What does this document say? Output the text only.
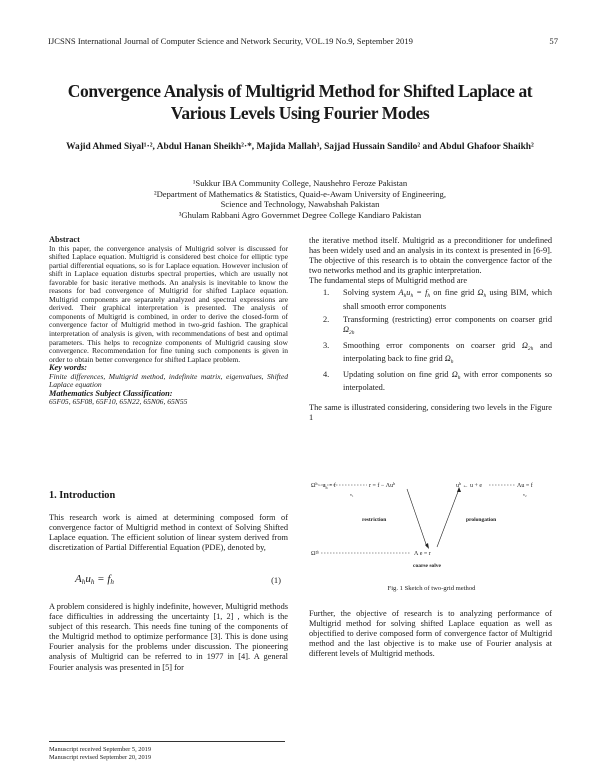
IJCSNS International Journal of Computer Science and Network Security, VOL.19 No.9, September 2019	57
Convergence Analysis of Multigrid Method for Shifted Laplace at Various Levels Using Fourier Modes
Wajid Ahmed Siyal¹·², Abdul Hanan Sheikh²·*, Majida Mallah³, Sajjad Hussain Sandilo² and Abdul Ghafoor Shaikh²
¹Sukkur IBA Community College, Naushehro Feroze Pakistan
²Department of Mathematics & Statistics, Quaid-e-Awam University of Engineering,
Science and Technology, Nawabshah Pakistan
³Ghulam Rabbani Agro Governmet Degree College Kandiaro Pakistan
Abstract
In this paper, the convergence analysis of Multigrid solver is discussed for shifted Laplace equation. Multigrid is considered best choice for elliptic type partial differential equations, so is for Laplace equation. However inclusion of shift in Laplace equation disturbs spectral properties, which are usually not favorable for basic iterative methods. An analysis is inevitable to know the reasons for bad convergence of Multigrid for shifted Laplace equation. Multigrid components are separately analyzed and spectral expressions are derived. Their graphical interpretation is presented. The analysis of components of Multigrid is combined, in order to derive the closed-form of convergence factor of Multigrid method in two-grid fashion. The graphical interpretation of analysis is given, with recommendations of best and optimal parameters. This helps to recognize components of Multigrid causing slow convergence. Recommendation for fine tuning such components is given in order to obtain better convergence for shifted Laplace problem.
Key words:
Finite differences, Multigrid method, indefinite matrix, eigenvalues, Shifted Laplace equation
Mathematics Subject Classification:
65F05, 65F08, 65F10, 65N22, 65N06, 65N55
1. Introduction
This research work is aimed at determining composed form of convergence factor of Multigrid method in context of Solving Shifted Laplace equation. The efficient solution of linear system derived from discretization of Partial Differential Equation (PDE), denoted by,
$A_hu_h = f_h$	(1)
A problem considered is highly indefinite, however, Multigrid methods face difficulties in addressing the uncertainty [1, 2] , which is the subject of this research. This needs fine tuning of the components of the Multigrid method to optimize performance [3]. This is done using Fourier analysis for the problems under discussion. The pioneering analysis of Multigrid can be referred to in 1977 in [4]. A general Fourier analysis was presented in [5] for
the iterative method itself. Multigrid as a preconditioner for undefined has been widely used and an analysis in its context is presented in [6-9]. The objective of this research is to obtain the convergence factor of the two networks method and its graphic interpretation.
The fundamental steps of Multigrid method are
1. Solving system $A_hu_h = f_h$ on fine grid $\Omega_h$ using BIM, which shall smooth error components
2. Transforming (restricting) error components on coarser grid $\Omega_{2h}$
3. Smoothing error components on coarser grid $\Omega_{2h}$ and interpolating back to fine grid $\Omega_h$
4. Updating solution on fine grid $\Omega_h$ with error components so interpolated.
The same is illustrated considering, considering two levels in the Figure 1
$\Omega^h \cdot u_h = f$	$r = f - \Lambda u^h$	$u^h$ ← u + e	Λu = f
ν₁	ν₂
Ω²ʰ
restriction	prolongation
Λ e = r
coarse solve
Fig. 1 Sketch of two-grid method
Further, the objective of research is to analyzing performance of Multigrid method for solving shifted Laplace equation as well as objectified to derive composed form of convergence factor of Multigrid method and the last objective is to make use of Fourier analysis at different levels of Multigrid methods.
Manuscript received September 5, 2019
Manuscript revised September 20, 2019
